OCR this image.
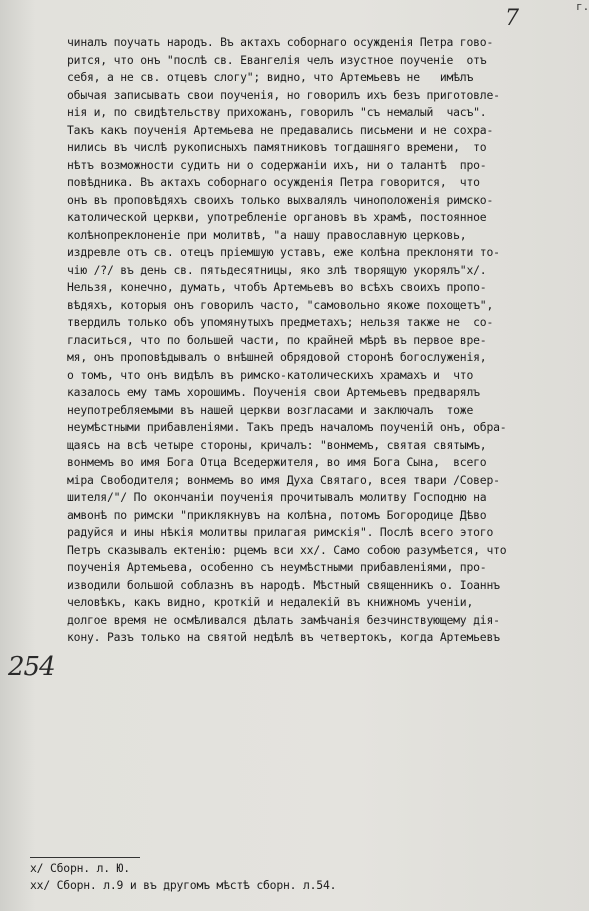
г.
7
254
чиналъ поучать народъ. Въ актахъ соборнаго осужденія Петра гово-
рится, что онъ "послѣ св. Евангелія челъ изустное поученіе  отъ
себя, а не св. отцевъ слогу"; видно, что Артемьевъ не   имѣлъ
обычая записывать свои поученія, но говорилъ ихъ безъ приготовле-
нія и, по свидѣтельству прихожанъ, говорилъ "съ немалый  часъ".
Такъ какъ поученія Артемьева не предавались письмени и не сохра-
нились въ числѣ рукописныхъ памятниковъ тогдашняго времени,  то
нѣтъ возможности судить ни о содержаніи ихъ, ни о талантѣ  про-
повѣдника. Въ актахъ соборнаго осужденія Петра говорится,  что
онъ въ проповѣдяхъ своихъ только выхвалялъ чиноположенія римско-
католической церкви, употребленіе органовъ въ храмѣ, постоянное
колѣнопреклоненіе при молитвѣ, "а нашу православную церковь,
издревле отъ св. отецъ пріемшую уставъ, еже колѣна преклоняти то-
чію /?/ въ день св. пятьдесятницы, яко злѣ творящую укорялъ"x/.
Нельзя, конечно, думать, чтобъ Артемьевъ во всѣхъ своихъ пропо-
вѣдяхъ, которыя онъ говорилъ часто, "самовольно якоже похощетъ",
твердилъ только объ упомянутыхъ предметахъ; нельзя также не  со-
гласиться, что по большей части, по крайней мѣрѣ въ первое вре-
мя, онъ проповѣдывалъ о внѣшней обрядовой сторонѣ богослуженія,
о томъ, что онъ видѣлъ въ римско-католическихъ храмахъ и  что
казалось ему тамъ хорошимъ. Поученія свои Артемьевъ предварялъ
неупотребляемыми въ нашей церкви возгласами и заключалъ  тоже
неумѣстными прибавленіями. Такъ предъ началомъ поученій онъ, обра-
щаясь на всѣ четыре стороны, кричалъ: "вонмемъ, святая святымъ,
вонмемъ во имя Бога Отца Вседержителя, во имя Бога Сына,  всего
міра Свободителя; вонмемъ во имя Духа Святаго, всея твари /Совер-
шителя/"/ По окончаніи поученія прочитывалъ молитву Господню на
амвонѣ по римски "приклякнувъ на колѣна, потомъ Богородице Дѣво
радуйся и ины нѣкія молитвы прилагая римскія". Послѣ всего этого
Петръ сказывалъ ектенію: рцемъ вси xx/. Само собою разумѣется, что
поученія Артемьева, особенно съ неумѣстными прибавленіями, про-
изводили большой соблазнъ въ народѣ. Мѣстный священникъ о. Іоаннъ
человѣкъ, какъ видно, кроткій и недалекій въ книжномъ ученіи,
долгое время не осмѣливался дѣлать замѣчанія безчинствующему дія-
кону. Разъ только на святой недѣлѣ въ четвертокъ, когда Артемьевъ
x/ Сборн. л. Ю.
xx/ Сборн. л.9 и въ другомъ мѣстѣ сборн. л.54.
